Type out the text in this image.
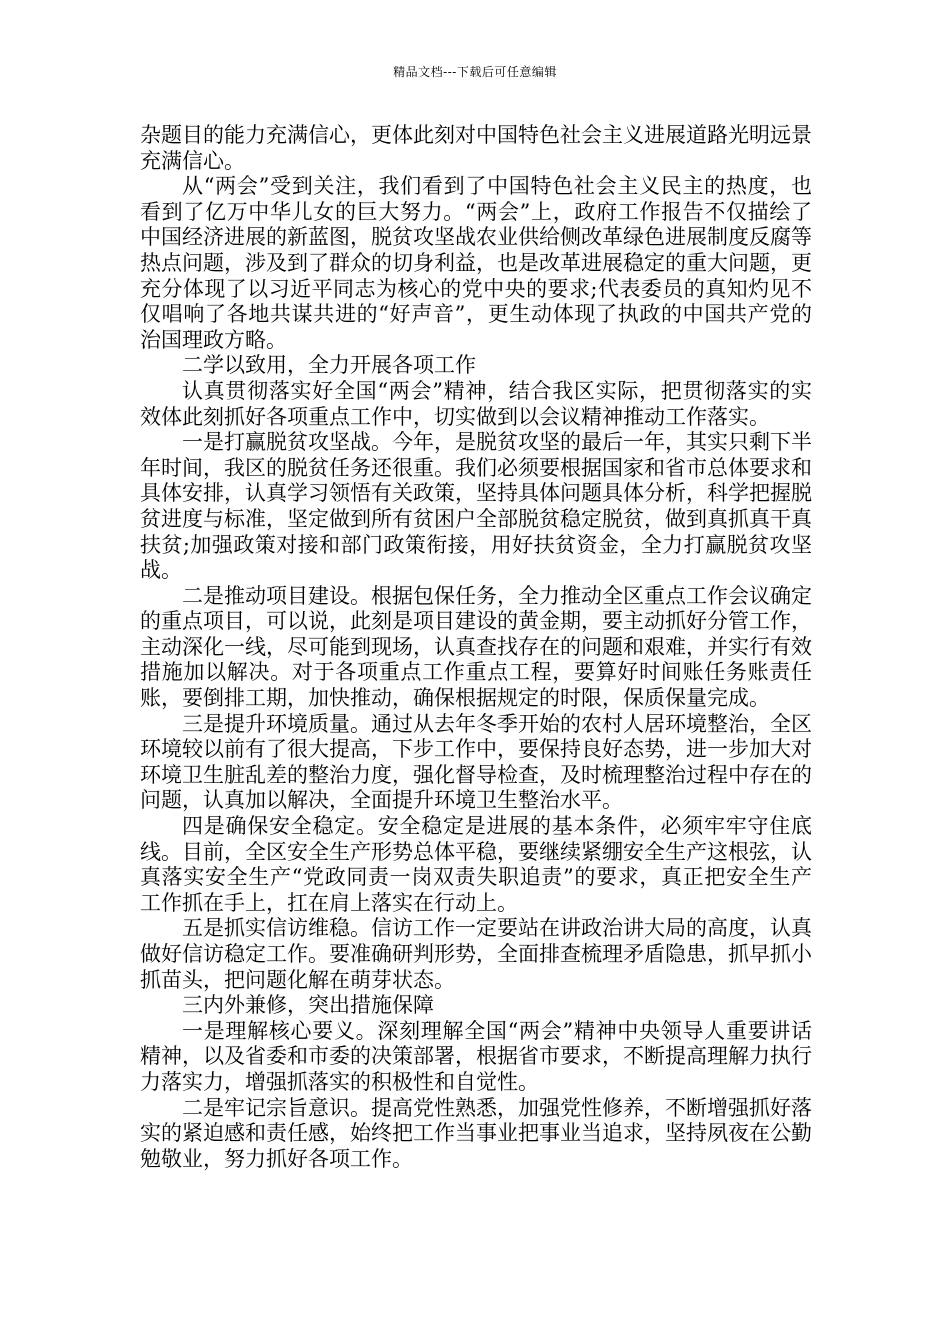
精品文档---下载后可任意编辑

杂题目的能力充满信心，更体此刻对中国特色社会主义进展道路光明远景充满信心。

从“两会”受到关注，我们看到了中国特色社会主义民主的热度，也看到了亿万中华儿女的巨大努力。“两会”上，政府工作报告不仅描绘了中国经济进展的新蓝图，脱贫攻坚战农业供给侧改革绿色进展制度反腐等热点问题，涉及到了群众的切身利益，也是改革进展稳定的重大问题，更充分体现了以习近平同志为核心的党中央的要求;代表委员的真知灼见不仅唱响了各地共谋共进的“好声音”，更生动体现了执政的中国共产党的治国理政方略。

二学以致用，全力开展各项工作

认真贯彻落实好全国“两会”精神，结合我区实际，把贯彻落实的实效体此刻抓好各项重点工作中，切实做到以会议精神推动工作落实。

一是打赢脱贫攻坚战。今年，是脱贫攻坚的最后一年，其实只剩下半年时间，我区的脱贫任务还很重。我们必须要根据国家和省市总体要求和具体安排，认真学习领悟有关政策，坚持具体问题具体分析，科学把握脱贫进度与标准，坚定做到所有贫困户全部脱贫稳定脱贫，做到真抓真干真扶贫;加强政策对接和部门政策衔接，用好扶贫资金，全力打赢脱贫攻坚战。

二是推动项目建设。根据包保任务，全力推动全区重点工作会议确定的重点项目，可以说，此刻是项目建设的黄金期，要主动抓好分管工作，主动深化一线，尽可能到现场，认真查找存在的问题和艰难，并实行有效措施加以解决。对于各项重点工作重点工程，要算好时间账任务账责任账，要倒排工期，加快推动，确保根据规定的时限，保质保量完成。

三是提升环境质量。通过从去年冬季开始的农村人居环境整治，全区环境较以前有了很大提高，下步工作中，要保持良好态势，进一步加大对环境卫生脏乱差的整治力度，强化督导检查，及时梳理整治过程中存在的问题，认真加以解决，全面提升环境卫生整治水平。

四是确保安全稳定。安全稳定是进展的基本条件，必须牢牢守住底线。目前，全区安全生产形势总体平稳，要继续紧绷安全生产这根弦，认真落实安全生产“党政同责一岗双责失职追责”的要求，真正把安全生产工作抓在手上，扛在肩上落实在行动上。

五是抓实信访维稳。信访工作一定要站在讲政治讲大局的高度，认真做好信访稳定工作。要准确研判形势，全面排查梳理矛盾隐患，抓早抓小抓苗头，把问题化解在萌芽状态。

三内外兼修，突出措施保障

一是理解核心要义。深刻理解全国“两会”精神中央领导人重要讲话精神，以及省委和市委的决策部署，根据省市要求，不断提高理解力执行力落实力，增强抓落实的积极性和自觉性。

二是牢记宗旨意识。提高党性熟悉，加强党性修养，不断增强抓好落实的紧迫感和责任感，始终把工作当事业把事业当追求，坚持夙夜在公勤勉敬业，努力抓好各项工作。
